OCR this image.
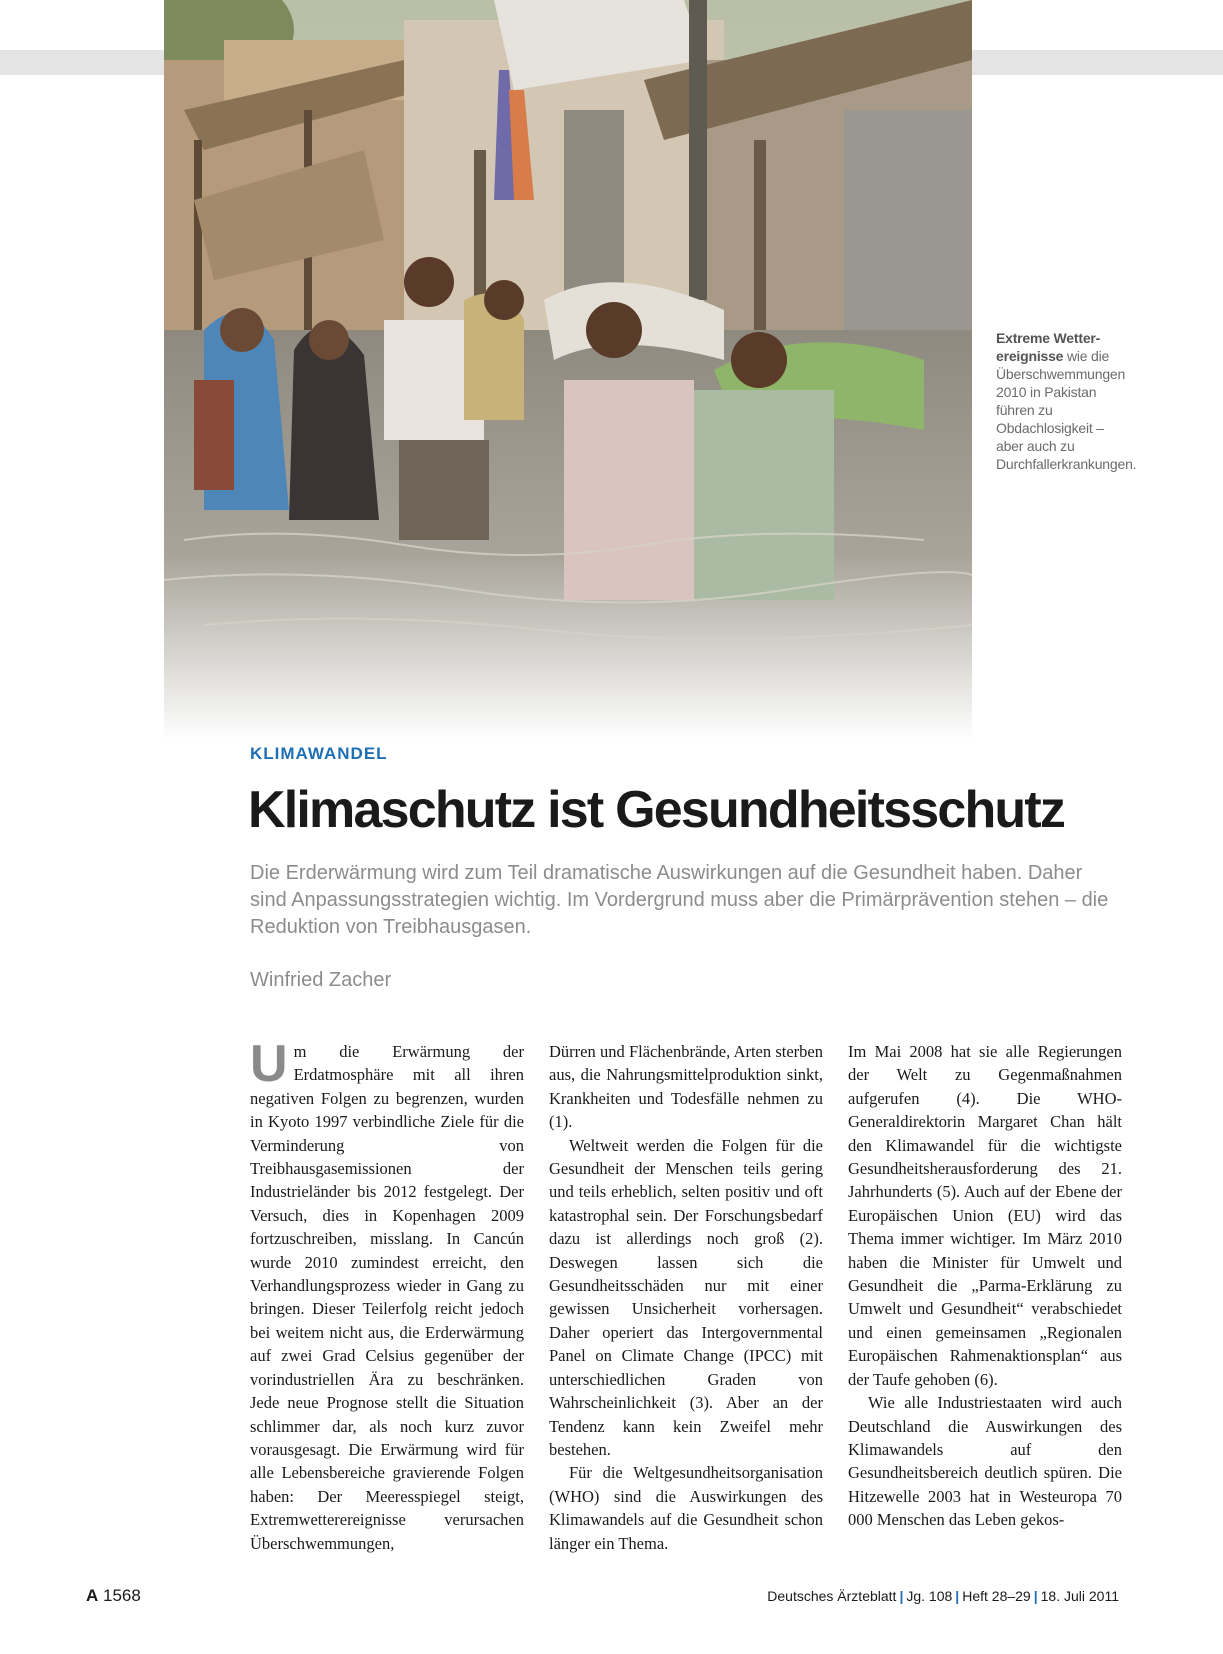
Extreme Wetterereignisse wie die Überschwemmungen 2010 in Pakistan führen zu Obdachlosigkeit – aber auch zu Durchfallerkrankungen.
KLIMAWANDEL
Klimaschutz ist Gesundheitsschutz

Die Erderwärmung wird zum Teil dramatische Auswirkungen auf die Gesundheit haben. Daher sind Anpassungsstrategien wichtig. Im Vordergrund muss aber die Primärprävention stehen – die Reduktion von Treibhausgasen.

Winfried Zacher
U m die Erwärmung der Erdatmosphäre mit all ihren negativen Folgen zu begrenzen, wurden in Kyoto 1997 verbindliche Ziele für die Verminderung von Treibhausgasemissionen der Industrieländer bis 2012 festgelegt. Der Versuch, dies in Kopenhagen 2009 fortzuschreiben, misslang. In Cancún wurde 2010 zumindest erreicht, den Verhandlungsprozess wieder in Gang zu bringen. Dieser Teilerfolg reicht jedoch bei weitem nicht aus, die Erderwärmung auf zwei Grad Celsius gegenüber der vorindustriellen Ära zu beschränken. Jede neue Prognose stellt die Situation schlimmer dar, als noch kurz zuvor vorausgesagt. Die Erwärmung wird für alle Lebensbereiche gravierende Folgen haben: Der Meeresspiegel steigt, Extremwetterereignisse verursachen Überschwemmungen,

Dürren und Flächenbrände, Arten sterben aus, die Nahrungsmittelproduktion sinkt, Krankheiten und Todesfälle nehmen zu (1).

Weltweit werden die Folgen für die Gesundheit der Menschen teils gering und teils erheblich, selten positiv und oft katastrophal sein. Der Forschungsbedarf dazu ist allerdings noch groß (2). Deswegen lassen sich die Gesundheitsschäden nur mit einer gewissen Unsicherheit vorhersagen. Daher operiert das Intergovernmental Panel on Climate Change (IPCC) mit unterschiedlichen Graden von Wahrscheinlichkeit (3). Aber an der Tendenz kann kein Zweifel mehr bestehen.

Für die Weltgesundheitsorganisation (WHO) sind die Auswirkungen des Klimawandels auf die Gesundheit schon länger ein Thema.

Im Mai 2008 hat sie alle Regierungen der Welt zu Gegenmaßnahmen aufgerufen (4). Die WHO-Generaldirektorin Margaret Chan hält den Klimawandel für die wichtigste Gesundheitsherausforderung des 21. Jahrhunderts (5). Auch auf der Ebene der Europäischen Union (EU) wird das Thema immer wichtiger. Im März 2010 haben die Minister für Umwelt und Gesundheit die „Parma-Erklärung zu Umwelt und Gesundheit“ verabschiedet und einen gemeinsamen „Regionalen Europäischen Rahmenaktionsplan“ aus der Taufe gehoben (6).

Wie alle Industriestaaten wird auch Deutschland die Auswirkungen des Klimawandels auf den Gesundheitsbereich deutlich spüren. Die Hitzewelle 2003 hat in Westeuropa 70 000 Menschen das Leben gekos-

A 1568	Deutsches Ärzteblatt | Jg. 108 | Heft 28–29 | 18. Juli 2011
